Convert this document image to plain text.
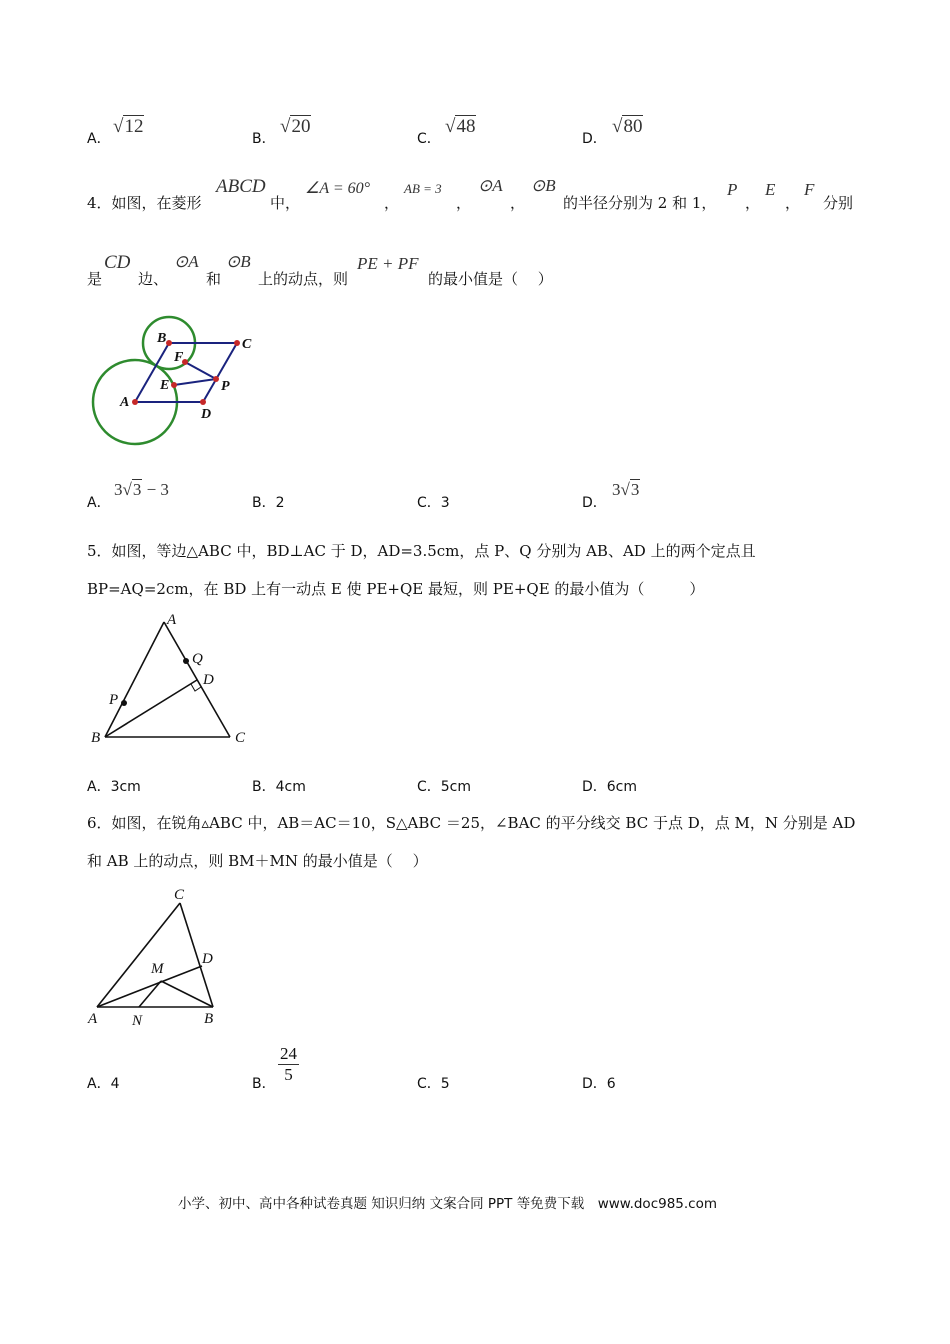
A．
√12
B．
√20
C．
√48
D．
√80
4．如图，在菱形
ABCD
中，
∠A = 60°
，
AB = 3
，
⊙A
，
⊙B
的半径分别为 2 和 1，
P
，
E
，
F
分别
是
CD
边、
⊙A
和
⊙B
上的动点，则
PE + PF
的最小值是（　 ）
A
B	C
D
E
F
P
A．
3√3 − 3
B．2	C．3	D．
3√3
5．如图，等边△ABC 中，BD⊥AC 于 D，AD=3.5cm，点 P、Q 分别为 AB、AD 上的两个定点且
BP=AQ=2cm，在 BD 上有一动点 E 使 PE+QE 最短，则 PE+QE 的最小值为（　　　）
A
B	C
D
P
Q
A．3cm	B．4cm	C．5cm	D．6cm
6．如图，在锐角▵ABC 中，AB＝AC＝10，S△ABC ＝25，∠BAC 的平分线交 BC 于点 D，点 M，N 分别是 AD
和 AB 上的动点，则 BM＋MN 的最小值是（　 ）
C
A	B
D
M
N
A．4	B． $\frac{24}{5}$	C．5	D．6
小学、初中、高中各种试卷真题 知识归纳 文案合同 PPT 等免费下载　www.doc985.com
